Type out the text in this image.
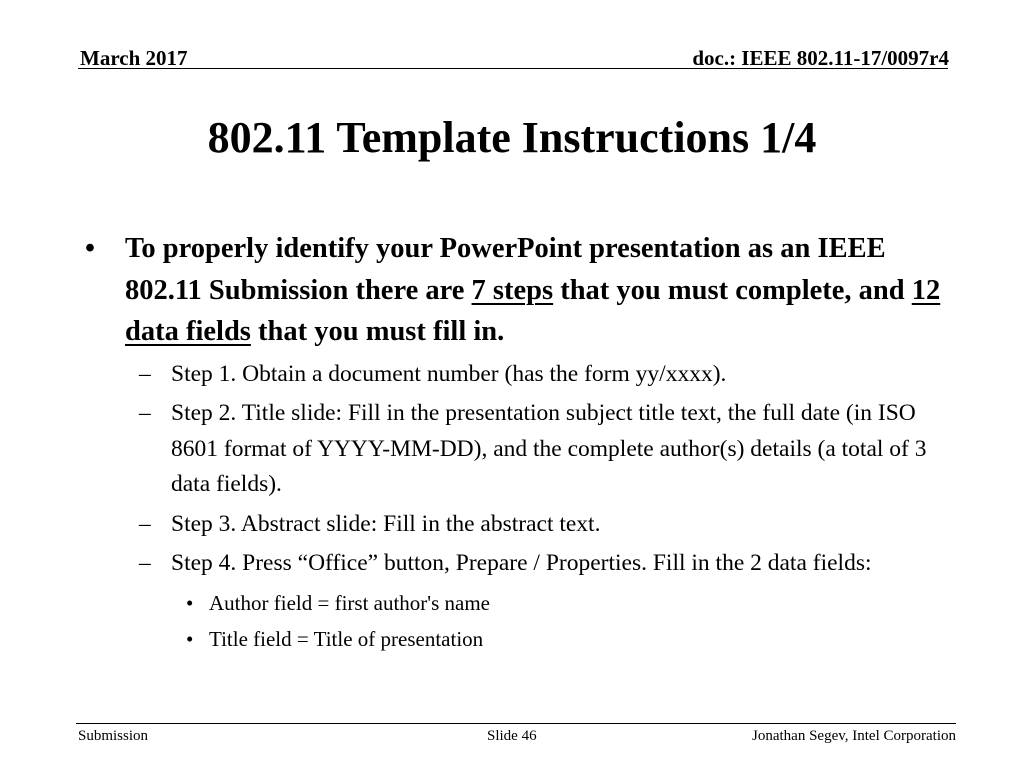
March 2017	doc.: IEEE 802.11-17/0097r4
802.11 Template Instructions 1/4
• To properly identify your PowerPoint presentation as an IEEE 802.11 Submission there are 7 steps that you must complete, and 12 data fields that you must fill in.
– Step 1. Obtain a document number (has the form yy/xxxx).
– Step 2. Title slide: Fill in the presentation subject title text, the full date (in ISO 8601 format of YYYY-MM-DD), and the complete author(s) details (a total of 3 data fields).
– Step 3. Abstract slide: Fill in the abstract text.
– Step 4. Press “Office” button, Prepare / Properties. Fill in the 2 data fields:
• Author field = first author's name
• Title field = Title of presentation
Submission	Slide 46	Jonathan Segev, Intel Corporation
